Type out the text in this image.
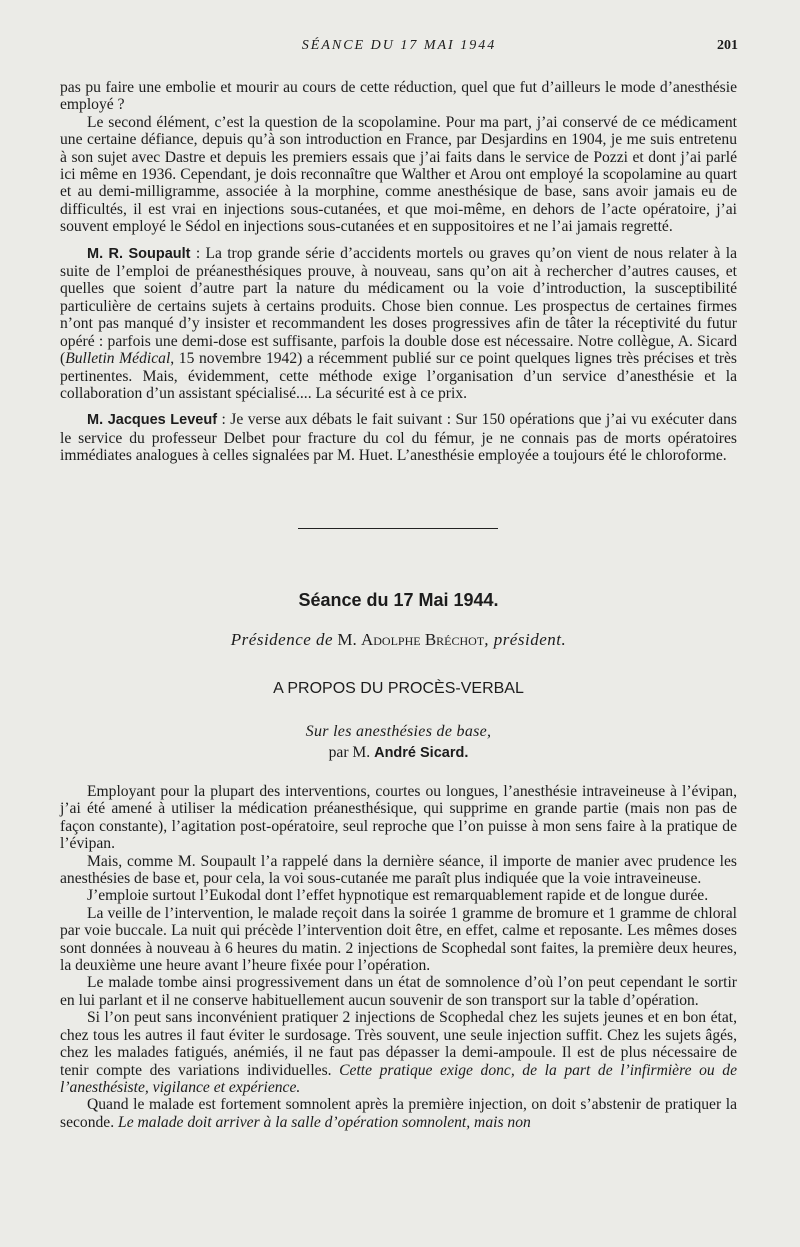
SÉANCE DU 17 MAI 1944	201

pas pu faire une embolie et mourir au cours de cette réduction, quel que fut d’ailleurs le mode d’anesthésie employé ?

Le second élément, c’est la question de la scopolamine. Pour ma part, j’ai conservé de ce médicament une certaine défiance, depuis qu’à son introduction en France, par Desjardins en 1904, je me suis entretenu à son sujet avec Dastre et depuis les premiers essais que j’ai faits dans le service de Pozzi et dont j’ai parlé ici même en 1936. Cependant, je dois reconnaître que Walther et Arou ont employé la scopolamine au quart et au demi-milligramme, associée à la morphine, comme anesthésique de base, sans avoir jamais eu de difficultés, il est vrai en injections sous-cutanées, et que moi-même, en dehors de l’acte opératoire, j’ai souvent employé le Sédol en injections sous-cutanées et en suppositoires et ne l’ai jamais regretté.

M. R. Soupault : La trop grande série d’accidents mortels ou graves qu’on vient de nous relater à la suite de l’emploi de préanesthésiques prouve, à nouveau, sans qu’on ait à rechercher d’autres causes, et quelles que soient d’autre part la nature du médicament ou la voie d’introduction, la susceptibilité particulière de certains sujets à certains produits. Chose bien connue. Les prospectus de certaines firmes n’ont pas manqué d’y insister et recommandent les doses progressives afin de tâter la réceptivité du futur opéré : parfois une demi-dose est suffisante, parfois la double dose est nécessaire. Notre collègue, A. Sicard (Bulletin Médical, 15 novembre 1942) a récemment publié sur ce point quelques lignes très précises et très pertinentes. Mais, évidemment, cette méthode exige l’organisation d’un service d’anesthésie et la collaboration d’un assistant spécialisé.... La sécurité est à ce prix.

M. Jacques Leveuf : Je verse aux débats le fait suivant : Sur 150 opérations que j’ai vu exécuter dans le service du professeur Delbet pour fracture du col du fémur, je ne connais pas de morts opératoires immédiates analogues à celles signalées par M. Huet. L’anesthésie employée a toujours été le chloroforme.

Séance du 17 Mai 1944.
Présidence de M. Adolphe Bréchot, président.
A PROPOS DU PROCÈS-VERBAL
Sur les anesthésies de base,
par M. André Sicard.

Employant pour la plupart des interventions, courtes ou longues, l’anesthésie intraveineuse à l’évipan, j’ai été amené à utiliser la médication préanesthésique, qui supprime en grande partie (mais non pas de façon constante), l’agitation post-opératoire, seul reproche que l’on puisse à mon sens faire à la pratique de l’évipan.

Mais, comme M. Soupault l’a rappelé dans la dernière séance, il importe de manier avec prudence les anesthésies de base et, pour cela, la voi sous-cutanée me paraît plus indiquée que la voie intraveineuse.

J’emploie surtout l’Eukodal dont l’effet hypnotique est remarquablement rapide et de longue durée.

La veille de l’intervention, le malade reçoit dans la soirée 1 gramme de bromure et 1 gramme de chloral par voie buccale. La nuit qui précède l’intervention doit être, en effet, calme et reposante. Les mêmes doses sont données à nouveau à 6 heures du matin. 2 injections de Scophedal sont faites, la première deux heures, la deuxième une heure avant l’heure fixée pour l’opération.

Le malade tombe ainsi progressivement dans un état de somnolence d’où l’on peut cependant le sortir en lui parlant et il ne conserve habituellement aucun souvenir de son transport sur la table d’opération.

Si l’on peut sans inconvénient pratiquer 2 injections de Scophedal chez les sujets jeunes et en bon état, chez tous les autres il faut éviter le surdosage. Très souvent, une seule injection suffit. Chez les sujets âgés, chez les malades fatigués, anémiés, il ne faut pas dépasser la demi-ampoule. Il est de plus nécessaire de tenir compte des variations individuelles. Cette pratique exige donc, de la part de l’infirmière ou de l’anesthésiste, vigilance et expérience.

Quand le malade est fortement somnolent après la première injection, on doit s’abstenir de pratiquer la seconde. Le malade doit arriver à la salle d’opération somnolent, mais non
